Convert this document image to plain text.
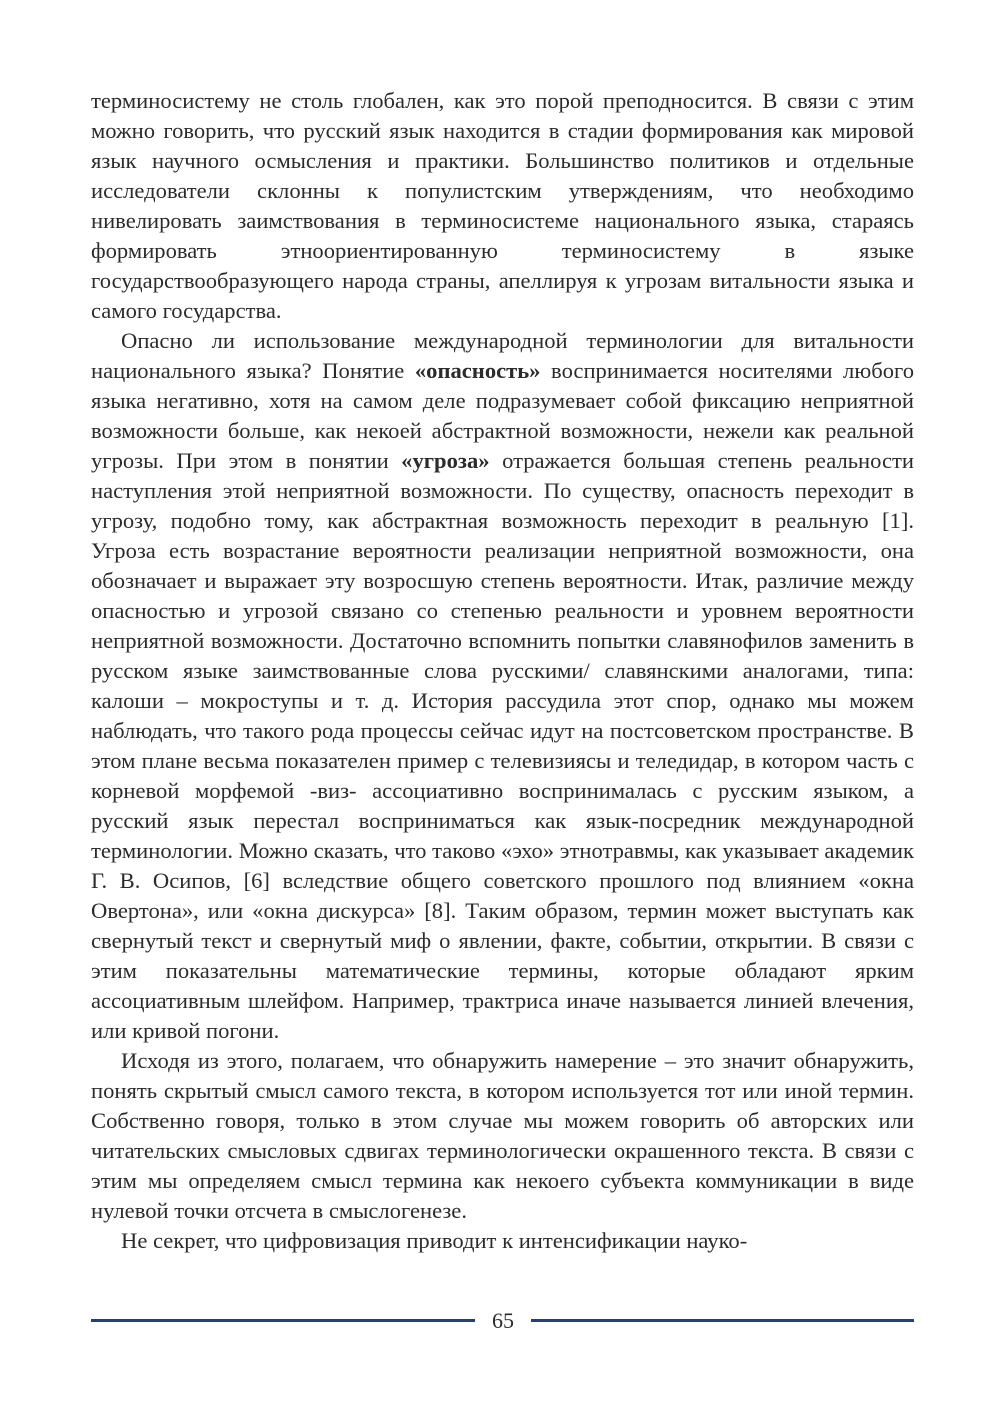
терминосистему не столь глобален, как это порой преподносится. В связи с этим можно говорить, что русский язык находится в стадии формирования как мировой язык научного осмысления и практики. Большинство политиков и отдельные исследователи склонны к популистским утверждениям, что необходимо нивелировать заимствования в терминосистеме национального языка, стараясь формировать этноориентированную терминосистему в языке государствообразующего народа страны, апеллируя к угрозам витальности языка и самого государства.

Опасно ли использование международной терминологии для витальности национального языка? Понятие «опасность» воспринимается носителями любого языка негативно, хотя на самом деле подразумевает собой фиксацию неприятной возможности больше, как некоей абстрактной возможности, нежели как реальной угрозы. При этом в понятии «угроза» отражается большая степень реальности наступления этой неприятной возможности. По существу, опасность переходит в угрозу, подобно тому, как абстрактная возможность переходит в реальную [1]. Угроза есть возрастание вероятности реализации неприятной возможности, она обозначает и выражает эту возросшую степень вероятности. Итак, различие между опасностью и угрозой связано со степенью реальности и уровнем вероятности неприятной возможности. Достаточно вспомнить попытки славянофилов заменить в русском языке заимствованные слова русскими/ славянскими аналогами, типа: калоши – мокроступы и т. д. История рассудила этот спор, однако мы можем наблюдать, что такого рода процессы сейчас идут на постсоветском пространстве. В этом плане весьма показателен пример с телевизиясы и теледидар, в котором часть с корневой морфемой -виз- ассоциативно воспринималась с русским языком, а русский язык перестал восприниматься как язык-посредник международной терминологии. Можно сказать, что таково «эхо» этнотравмы, как указывает академик Г. В. Осипов, [6] вследствие общего советского прошлого под влиянием «окна Овертона», или «окна дискурса» [8]. Таким образом, термин может выступать как свернутый текст и свернутый миф о явлении, факте, событии, открытии. В связи с этим показательны математические термины, которые обладают ярким ассоциативным шлейфом. Например, трактриса иначе называется линией влечения, или кривой погони.

Исходя из этого, полагаем, что обнаружить намерение – это значит обнаружить, понять скрытый смысл самого текста, в котором используется тот или иной термин. Собственно говоря, только в этом случае мы можем говорить об авторских или читательских смысловых сдвигах терминологически окрашенного текста. В связи с этим мы определяем смысл термина как некоего субъекта коммуникации в виде нулевой точки отсчета в смыслогенезе.

Не секрет, что цифровизация приводит к интенсификации науко-

65
